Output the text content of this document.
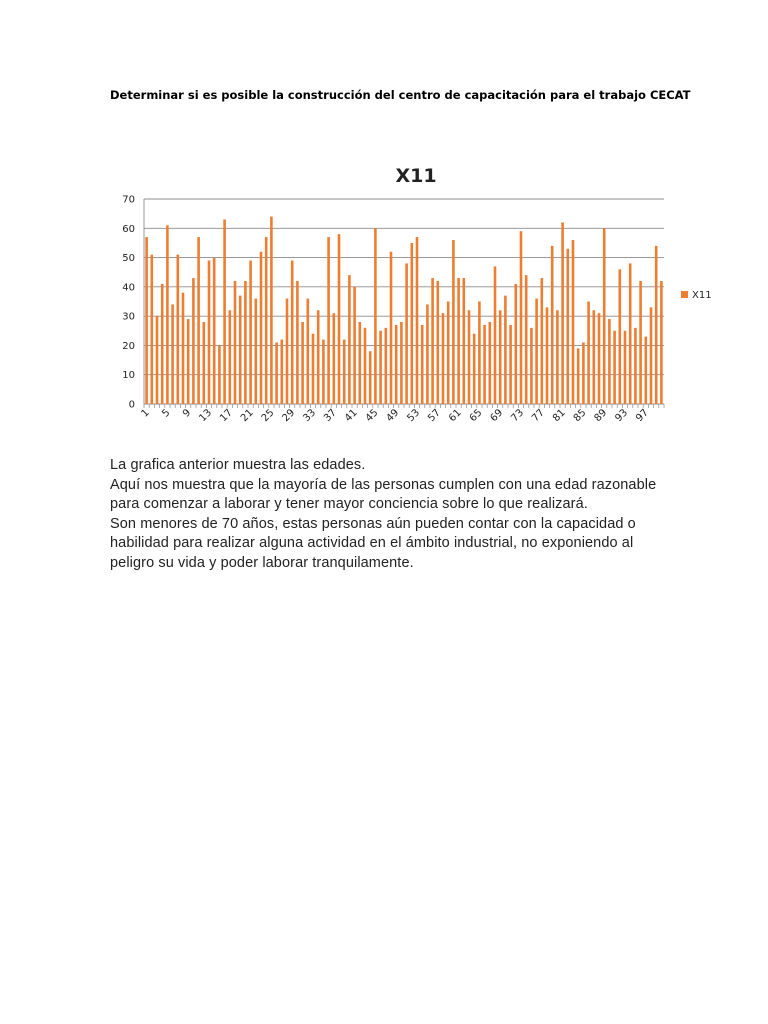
Determinar si es posible la construcción del centro de capacitación para el trabajo CECAT
X11
0
10
20
30
40
50
60
70
1 5 9 13 17 21 25 29 33 37 41 45 49 53 57 61 65 69 73 77 81 85 89 93 97
X11

La grafica anterior muestra las edades.

Aquí nos muestra que la mayoría de las personas cumplen con una edad razonable para comenzar a laborar y tener mayor conciencia sobre lo que realizará.

Son menores de 70 años, estas personas aún pueden contar con la capacidad o habilidad para realizar alguna actividad en el ámbito industrial, no exponiendo al peligro su vida y poder laborar tranquilamente.
